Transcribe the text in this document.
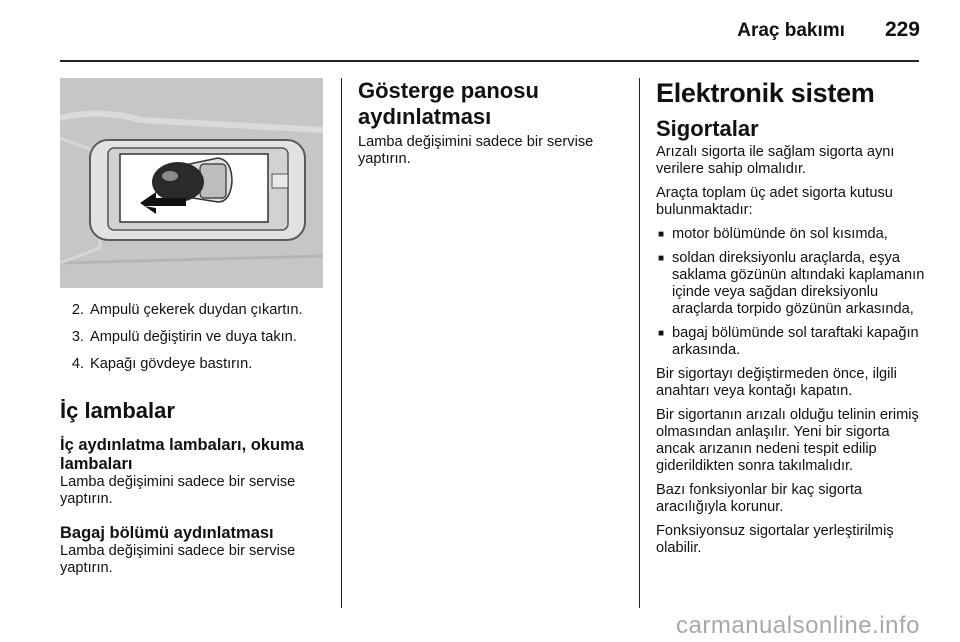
Araç bakımı 229
2. Ampulü çekerek duydan çıkartın.
3. Ampulü değiştirin ve duya takın.
4. Kapağı gövdeye bastırın.
İç lambalar
İç aydınlatma lambaları, okuma lambaları

Lamba değişimini sadece bir servise yaptırın.

Bagaj bölümü aydınlatması

Lamba değişimini sadece bir servise yaptırın.

Gösterge panosu aydınlatması

Lamba değişimini sadece bir servise yaptırın.

Elektronik sistem
Sigortalar

Arızalı sigorta ile sağlam sigorta aynı verilere sahip olmalıdır.

Araçta toplam üç adet sigorta kutusu bulunmaktadır:

■ motor bölümünde ön sol kısımda,
■ soldan direksiyonlu araçlarda, eşya saklama gözünün altındaki kaplamanın içinde veya sağdan direksiyonlu araçlarda torpido gözünün arkasında,
■ bagaj bölümünde sol taraftaki kapağın arkasında.

Bir sigortayı değiştirmeden önce, ilgili anahtarı veya kontağı kapatın.

Bir sigortanın arızalı olduğu telinin erimiş olmasından anlaşılır. Yeni bir sigorta ancak arızanın nedeni tespit edilip giderildikten sonra takılmalıdır.

Bazı fonksiyonlar bir kaç sigorta aracılığıyla korunur.

Fonksiyonsuz sigortalar yerleştirilmiş olabilir.

carmanualsonline.info
